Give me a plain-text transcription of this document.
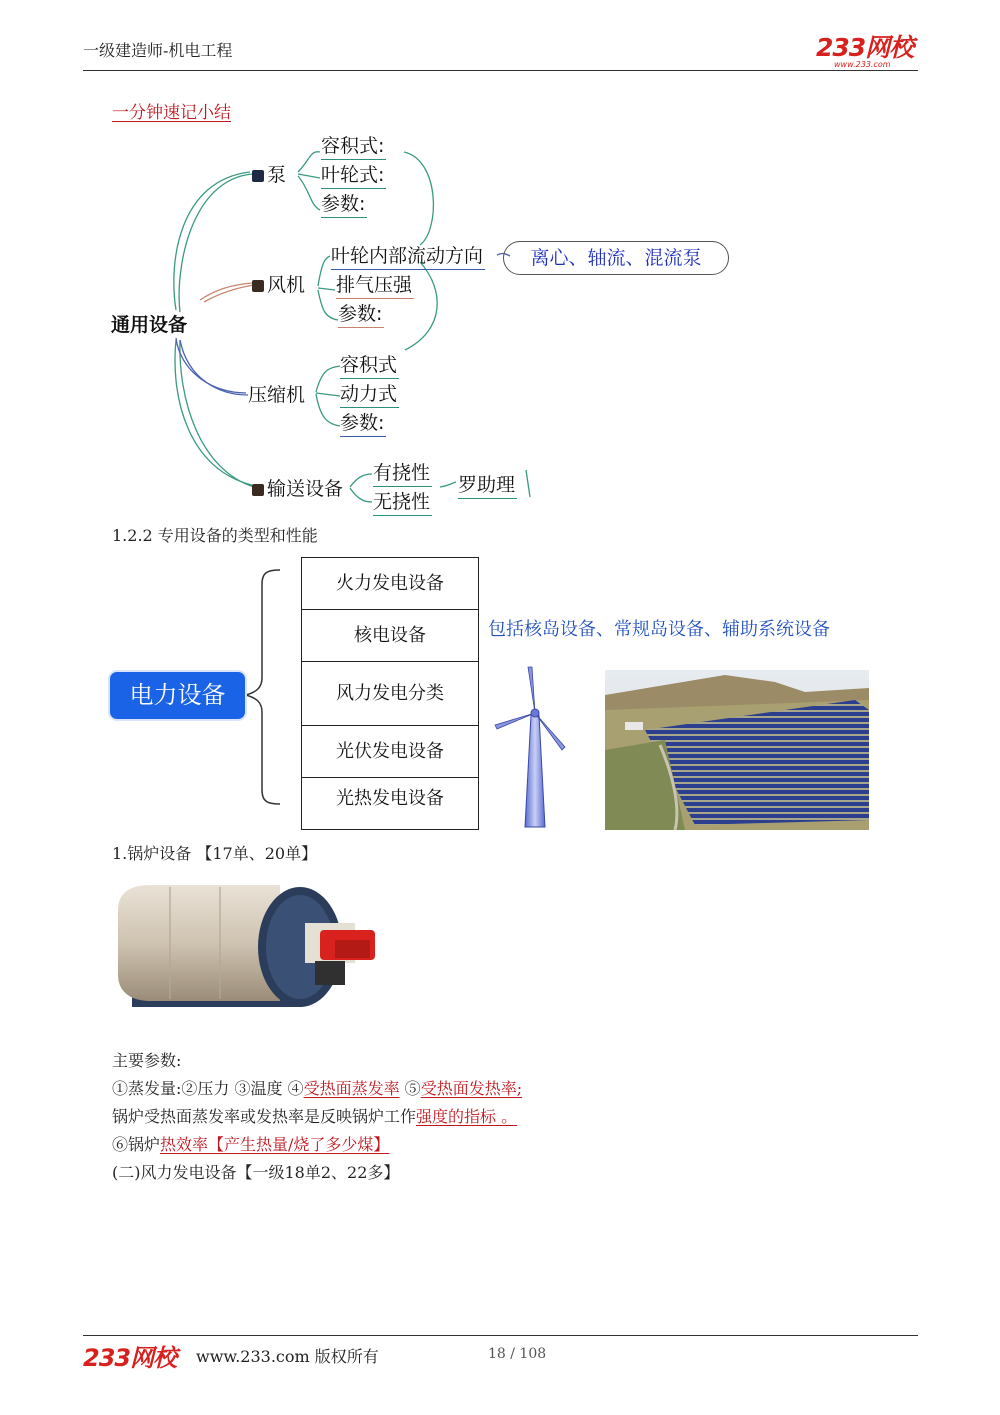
一级建造师-机电工程	233网校
www.233.com
一分钟速记小结
通用设备
泵
容积式:
叶轮式:
参数:
风机
叶轮内部流动方向
排气压强
参数:
离心、轴流、混流泵
压缩机
容积式
动力式
参数:
输送设备
有挠性
无挠性
罗助理
1.2.2 专用设备的类型和性能
电力设备
火力发电设备
核电设备
风力发电分类
光伏发电设备
光热发电设备
包括核岛设备、常规岛设备、辅助系统设备
1.锅炉设备 【17单、20单】
主要参数:
①蒸发量:②压力 ③温度 ④受热面蒸发率 ⑤受热面发热率;
锅炉受热面蒸发率或发热率是反映锅炉工作强度的指标 。
⑥锅炉热效率【产生热量/烧了多少煤】
(二)风力发电设备【一级18单2、22多】
233网校 www.233.com 版权所有	18 / 108
